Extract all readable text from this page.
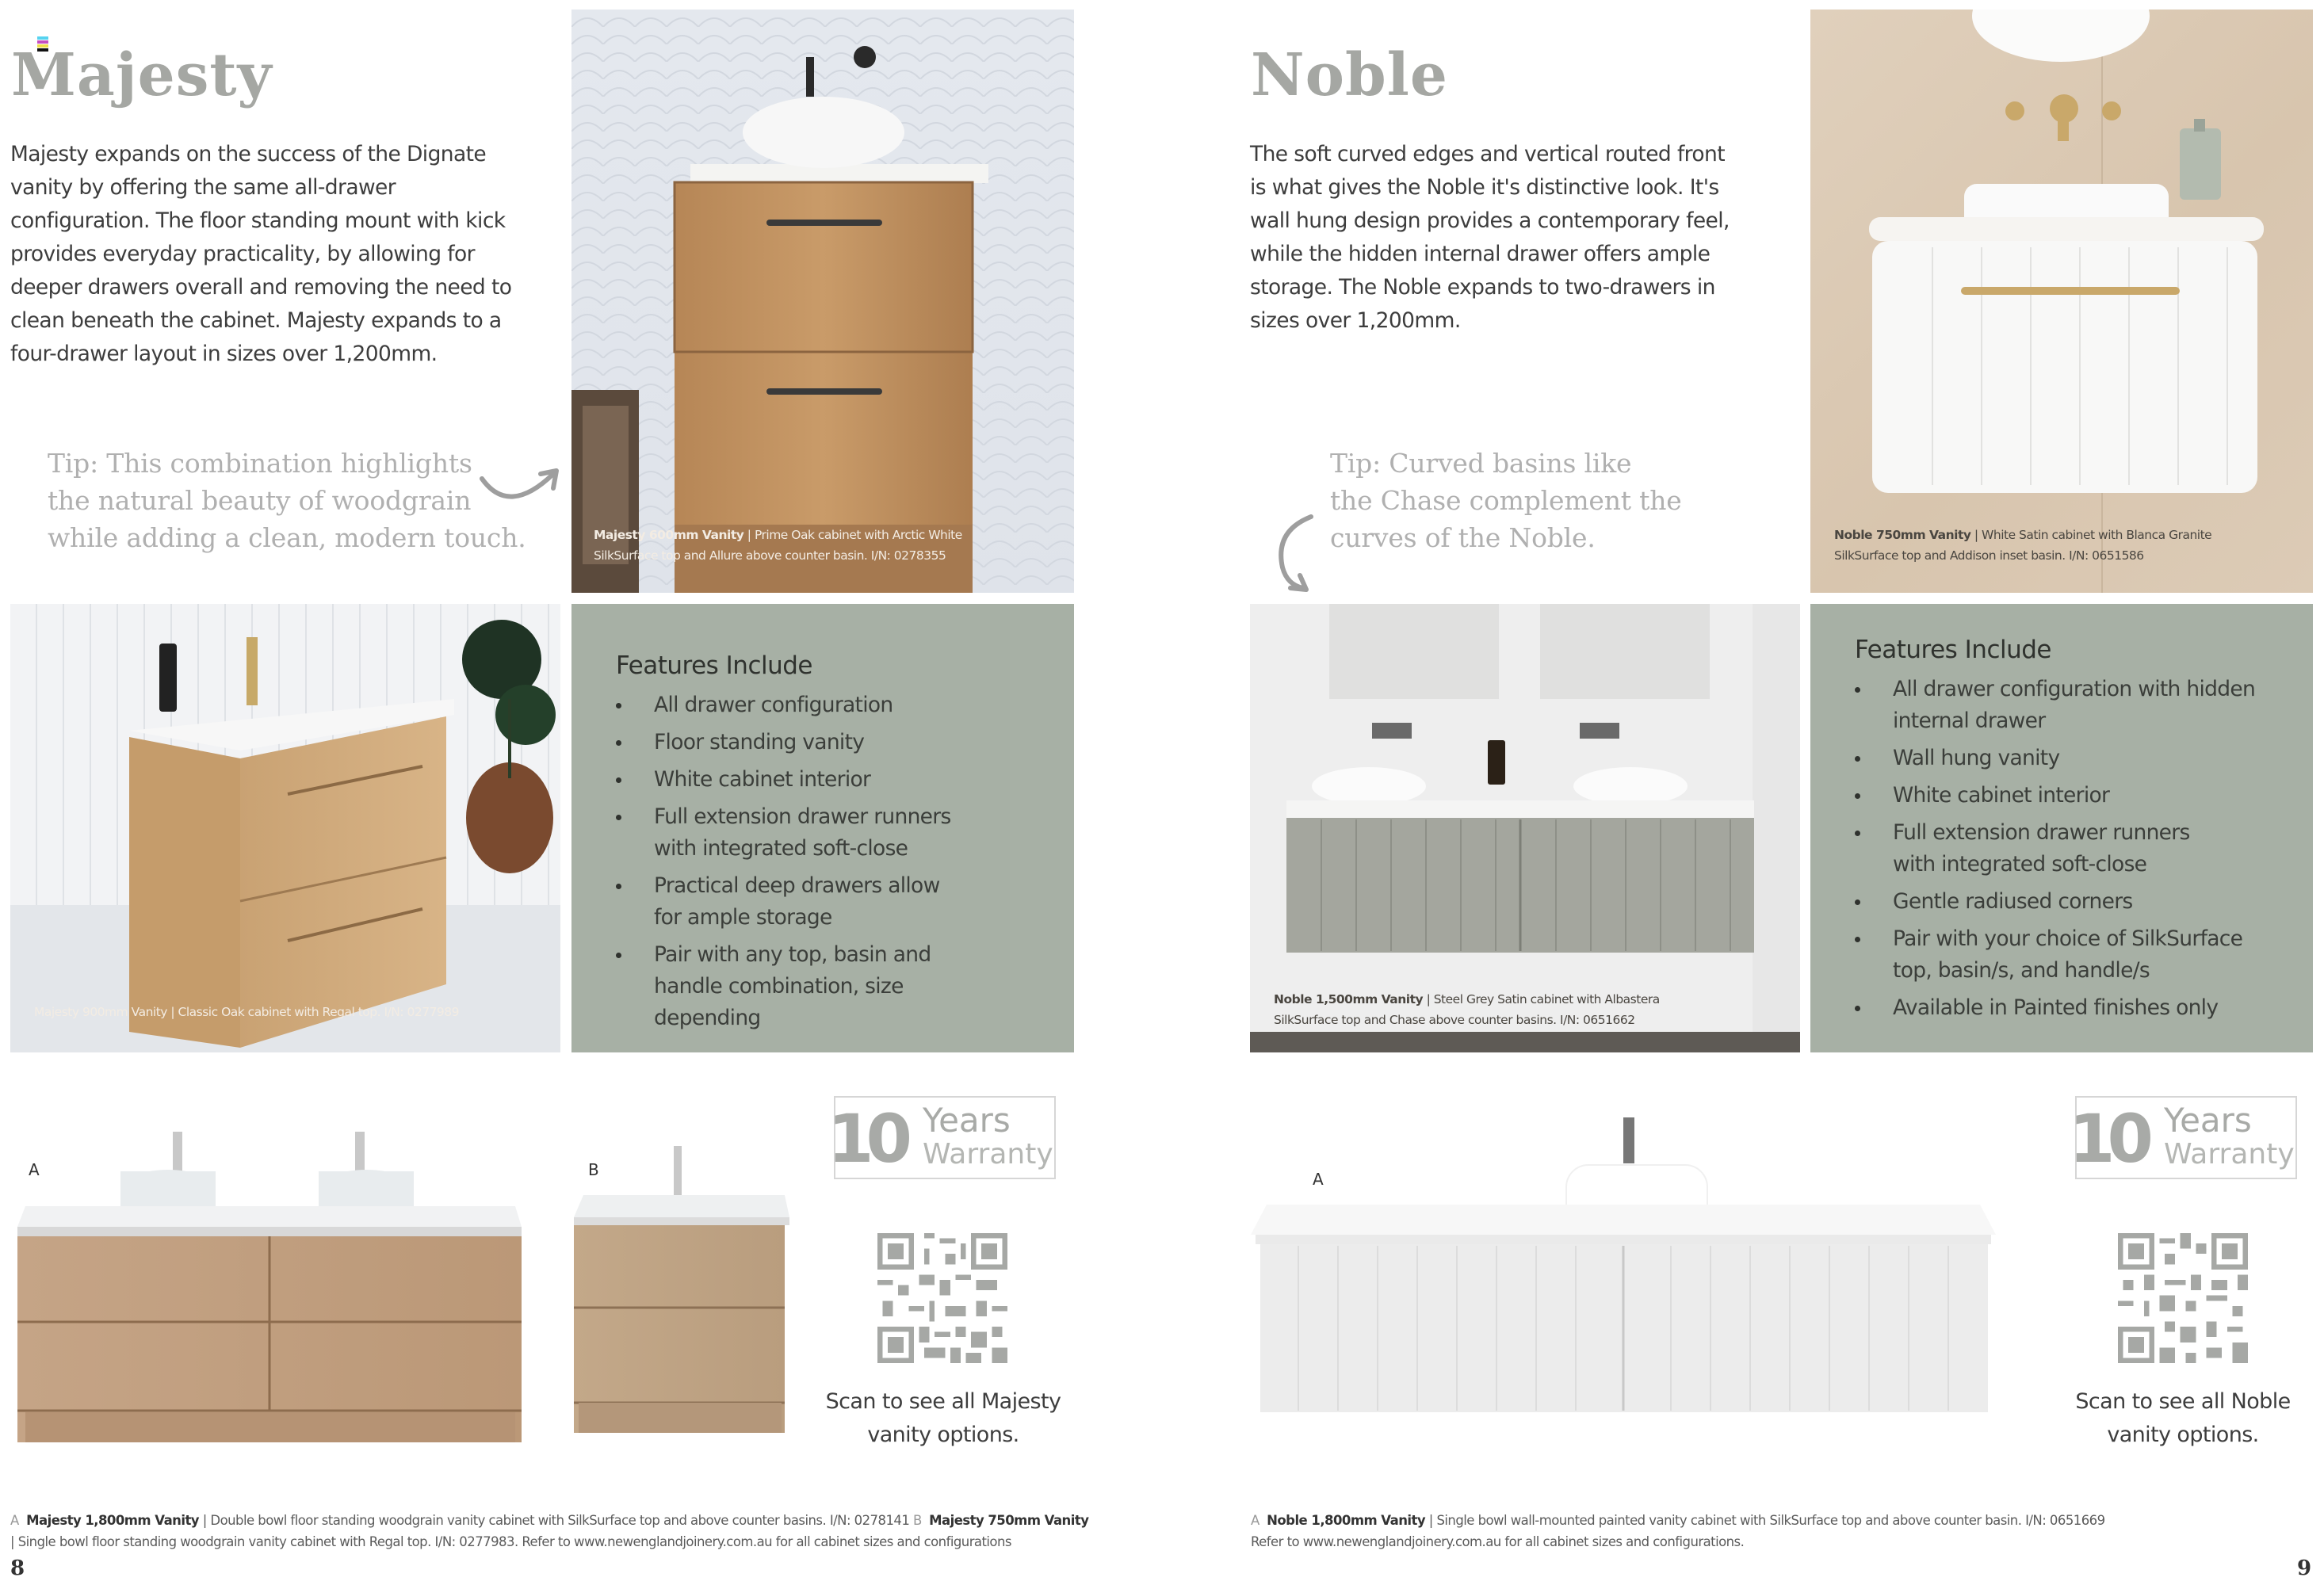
Majesty

Majesty expands on the success of the Dignate vanity by offering the same all-drawer configuration. The floor standing mount with kick provides everyday practicality, by allowing for deeper drawers overall and removing the need to clean beneath the cabinet. Majesty expands to a four-drawer layout in sizes over 1,200mm.

Tip: This combination highlights
the natural beauty of woodgrain
while adding a clean, modern touch.	Majesty 600mm Vanity | Prime Oak cabinet with Arctic White
SilkSurface top and Allure above counter basin. I/N: 0278355
Majesty 900mm Vanity | Classic Oak cabinet with Regal top. I/N: 0277989
Features Include
All drawer configuration
Floor standing vanity
White cabinet interior
Full extension drawer runners with integrated soft-close
Practical deep drawers allow for ample storage
Pair with any top, basin and handle combination, size depending
A	B	10 Years
Warranty
Scan to see all Majesty
vanity options.
A Majesty 1,800mm Vanity | Double bowl floor standing woodgrain vanity cabinet with SilkSurface top and above counter basins. I/N: 0278141 B Majesty 750mm Vanity
| Single bowl floor standing woodgrain vanity cabinet with Regal top. I/N: 0277983. Refer to www.newenglandjoinery.com.au for all cabinet sizes and configurations
8
Noble

The soft curved edges and vertical routed front is what gives the Noble it's distinctive look. It's wall hung design provides a contemporary feel, while the hidden internal drawer offers ample storage. The Noble expands to two-drawers in sizes over 1,200mm.

Tip: Curved basins like
the Chase complement the
curves of the Noble.	Noble 750mm Vanity | White Satin cabinet with Blanca Granite
SilkSurface top and Addison inset basin. I/N: 0651586
Noble 1,500mm Vanity | Steel Grey Satin cabinet with Albastera
SilkSurface top and Chase above counter basins. I/N: 0651662
Features Include
All drawer configuration with hidden internal drawer
Wall hung vanity
White cabinet interior
Full extension drawer runners with integrated soft-close
Gentle radiused corners
Pair with your choice of SilkSurface top, basin/s, and handle/s
Available in Painted finishes only
A
10 Years
Warranty
Scan to see all Noble
vanity options.
A Noble 1,800mm Vanity | Single bowl wall-mounted painted vanity cabinet with SilkSurface top and above counter basin. I/N: 0651669
Refer to www.newenglandjoinery.com.au for all cabinet sizes and configurations.
9
